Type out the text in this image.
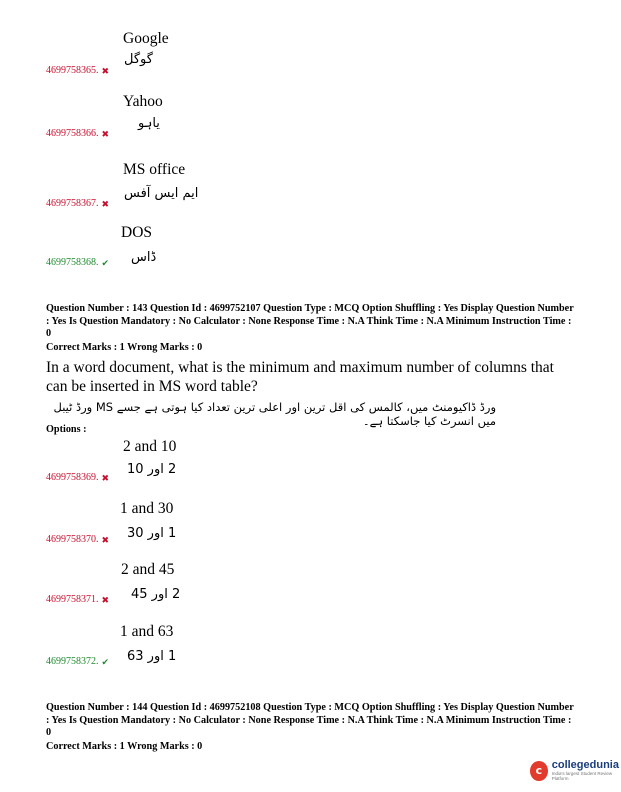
Google
گوگل
4699758365. ✖
Yahoo
یاہو
4699758366. ✖
MS office
ایم ایس آفس
4699758367. ✖
DOS
ڈاس
4699758368. ✔
Question Number : 143 Question Id : 4699752107 Question Type : MCQ Option Shuffling : Yes Display Question Number : Yes Is Question Mandatory : No Calculator : None Response Time : N.A Think Time : N.A Minimum Instruction Time : 0
Correct Marks : 1 Wrong Marks : 0
In a word document, what is the minimum and maximum number of columns that can be inserted in MS word table?
ورڈ ڈاکیومنٹ میں، کالمس کی اقل ترین اور اعلی ترین تعداد کیا ہوتی ہے جسے MS ورڈ ٹیبل میں انسرٹ کیا جاسکتا ہے۔
Options :
2 and 10
2 اور 10
4699758369. ✖
1 and 30
1 اور 30
4699758370. ✖
2 and 45
2 اور 45
4699758371. ✖
1 and 63
1 اور 63
4699758372. ✔
Question Number : 144 Question Id : 4699752108 Question Type : MCQ Option Shuffling : Yes Display Question Number : Yes Is Question Mandatory : No Calculator : None Response Time : N.A Think Time : N.A Minimum Instruction Time : 0
Correct Marks : 1 Wrong Marks : 0
c collegedunia
India's largest Student Review Platform
